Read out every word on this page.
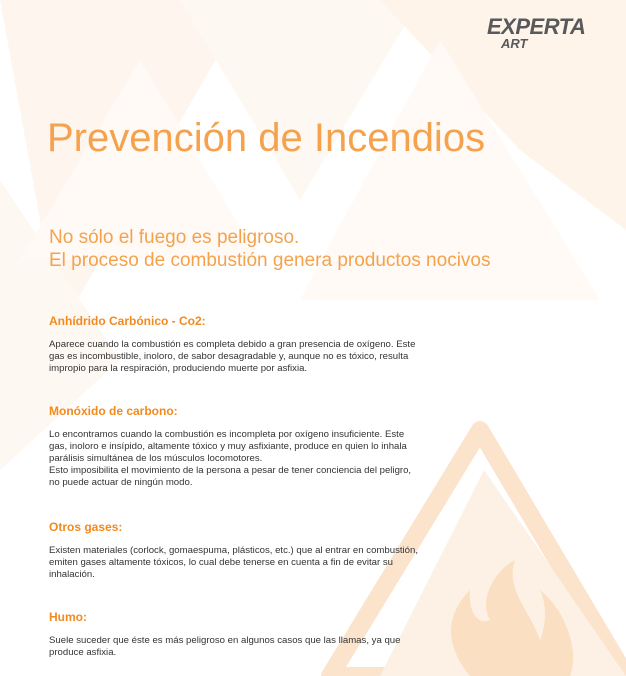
EXPERTA
ART
Prevención de Incendios
No sólo el fuego es peligroso.
El proceso de combustión genera productos nocivos
Anhídrido Carbónico - Co2:
Aparece cuando la combustión es completa debido a gran presencia de oxígeno. Este
gas es incombustible, inoloro, de sabor desagradable y, aunque no es tóxico, resulta
impropio para la respiración, produciendo muerte por asfixia.
Monóxido de carbono:
Lo encontramos cuando la combustión es incompleta por oxígeno insuficiente. Este
gas, inoloro e insípido, altamente tóxico y muy asfixiante, produce en quien lo inhala
parálisis simultánea de los músculos locomotores.
Esto imposibilita el movimiento de la persona a pesar de tener conciencia del peligro,
no puede actuar de ningún modo.
Otros gases:
Existen materiales (corlock, gomaespuma, plásticos, etc.) que al entrar en combustión,
emiten gases altamente tóxicos, lo cual debe tenerse en cuenta a fin de evitar su
inhalación.
Humo:
Suele suceder que éste es más peligroso en algunos casos que las llamas, ya que
produce asfixia.
